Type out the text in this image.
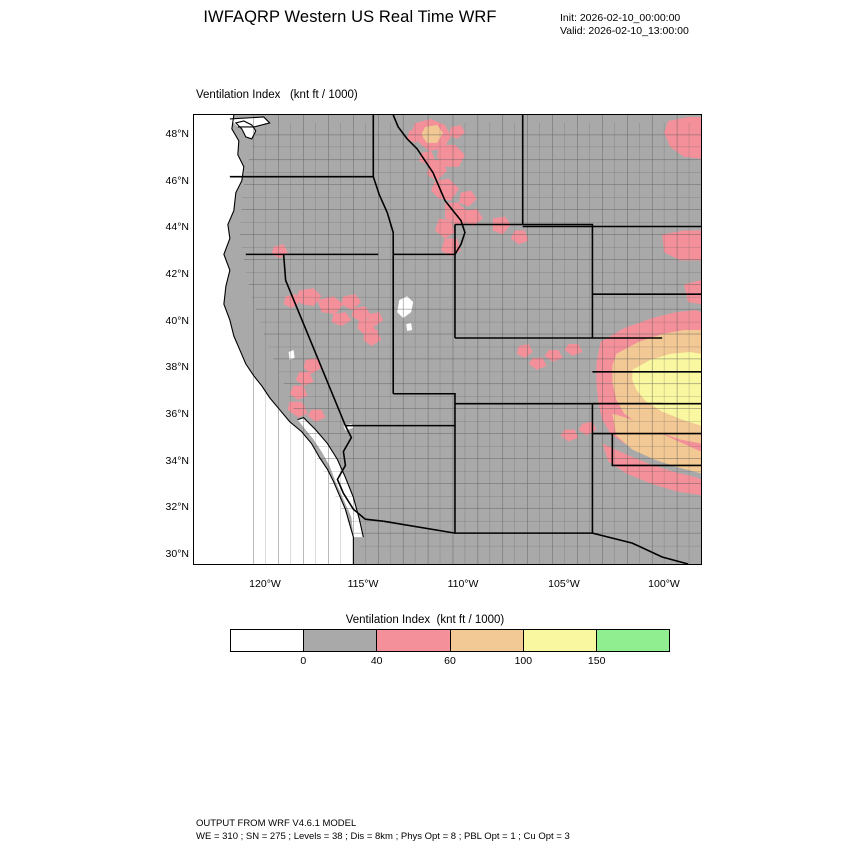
IWFAQRP Western US Real Time WRF	Init: 2026-02-10_00:00:00
Valid: 2026-02-10_13:00:00
Ventilation Index   (knt ft / 1000)
48°N
46°N
44°N
42°N
40°N
38°N
36°N
34°N
32°N
30°N
120°W	115°W	110°W	105°W	100°W
Ventilation Index  (knt ft / 1000)
0	40	60	100	150
OUTPUT FROM WRF V4.6.1 MODEL
WE = 310 ; SN = 275 ; Levels = 38 ; Dis = 8km ; Phys Opt = 8 ; PBL Opt = 1 ; Cu Opt = 3
